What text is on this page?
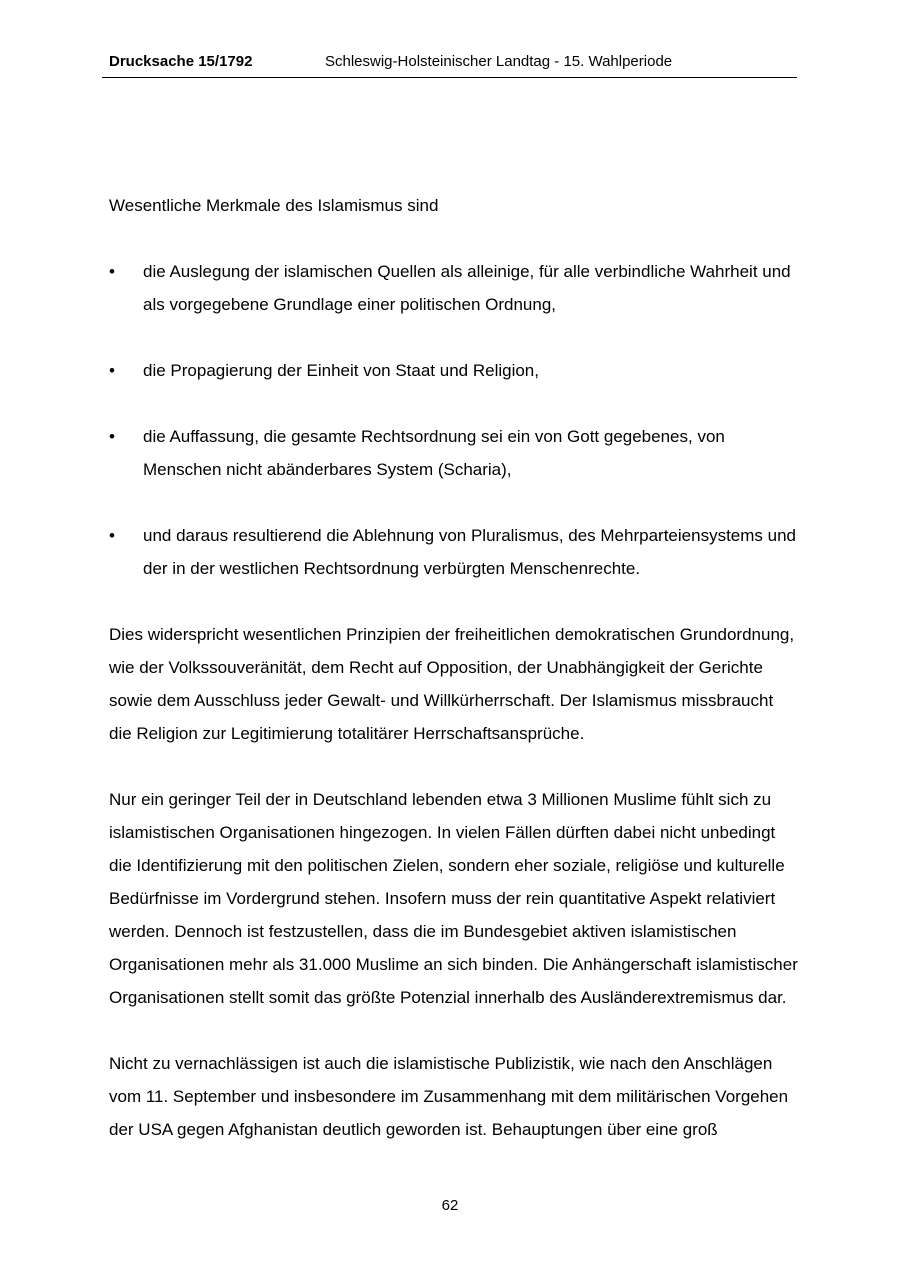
Drucksache 15/1792	Schleswig-Holsteinischer Landtag - 15. Wahlperiode

Wesentliche Merkmale des Islamismus sind

• die Auslegung der islamischen Quellen als alleinige, für alle verbindliche Wahrheit und als vorgegebene Grundlage einer politischen Ordnung,
• die Propagierung der Einheit von Staat und Religion,
• die Auffassung, die gesamte Rechtsordnung sei ein von Gott gegebenes, von Menschen nicht abänderbares System (Scharia),
• und daraus resultierend die Ablehnung von Pluralismus, des Mehrparteiensystems und der in der westlichen Rechtsordnung verbürgten Menschenrechte.

Dies widerspricht wesentlichen Prinzipien der freiheitlichen demokratischen Grundordnung, wie der Volkssouveränität, dem Recht auf Opposition, der Unabhängigkeit der Gerichte sowie dem Ausschluss jeder Gewalt- und Willkürherrschaft. Der Islamismus missbraucht die Religion zur Legitimierung totalitärer Herrschaftsansprüche.

Nur ein geringer Teil der in Deutschland lebenden etwa 3 Millionen Muslime fühlt sich zu islamistischen Organisationen hingezogen. In vielen Fällen dürften dabei nicht unbedingt die Identifizierung mit den politischen Zielen, sondern eher soziale, religiöse und kulturelle Bedürfnisse im Vordergrund stehen. Insofern muss der rein quantitative Aspekt relativiert werden. Dennoch ist festzustellen, dass die im Bundesgebiet aktiven islamistischen Organisationen mehr als 31.000 Muslime an sich binden. Die Anhängerschaft islamistischer Organisationen stellt somit das größte Potenzial innerhalb des Ausländerextremismus dar.

Nicht zu vernachlässigen ist auch die islamistische Publizistik, wie nach den Anschlägen vom 11. September und insbesondere im Zusammenhang mit dem militärischen Vorgehen der USA gegen Afghanistan deutlich geworden ist. Behauptungen über eine groß

62
